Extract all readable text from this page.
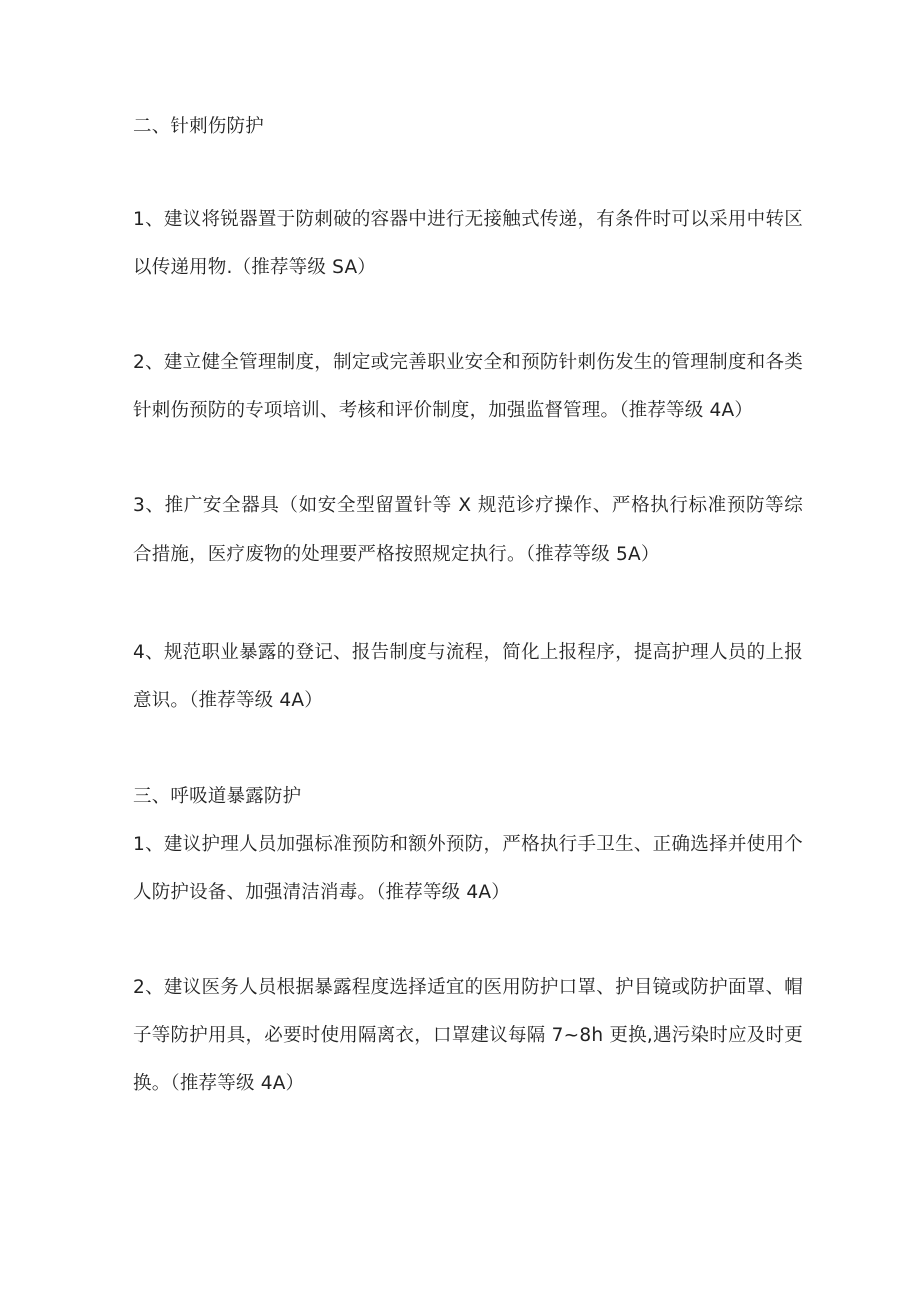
二、针刺伤防护
1、建议将锐器置于防刺破的容器中进行无接触式传递，有条件时可以采用中转区
以传递用物.（推荐等级 SA）
2、建立健全管理制度，制定或完善职业安全和预防针刺伤发生的管理制度和各类
针刺伤预防的专项培训、考核和评价制度，加强监督管理。（推荐等级 4A）
3、推广安全器具（如安全型留置针等 X 规范诊疗操作、严格执行标准预防等综
合措施，医疗废物的处理要严格按照规定执行。（推荐等级 5A）
4、规范职业暴露的登记、报告制度与流程，简化上报程序，提高护理人员的上报
意识。（推荐等级 4A）
三、呼吸道暴露防护
1、建议护理人员加强标准预防和额外预防，严格执行手卫生、正确选择并使用个
人防护设备、加强清洁消毒。（推荐等级 4A）
2、建议医务人员根据暴露程度选择适宜的医用防护口罩、护目镜或防护面罩、帽
子等防护用具，必要时使用隔离衣，口罩建议每隔 7~8h 更换,遇污染时应及时更
换。（推荐等级 4A）
